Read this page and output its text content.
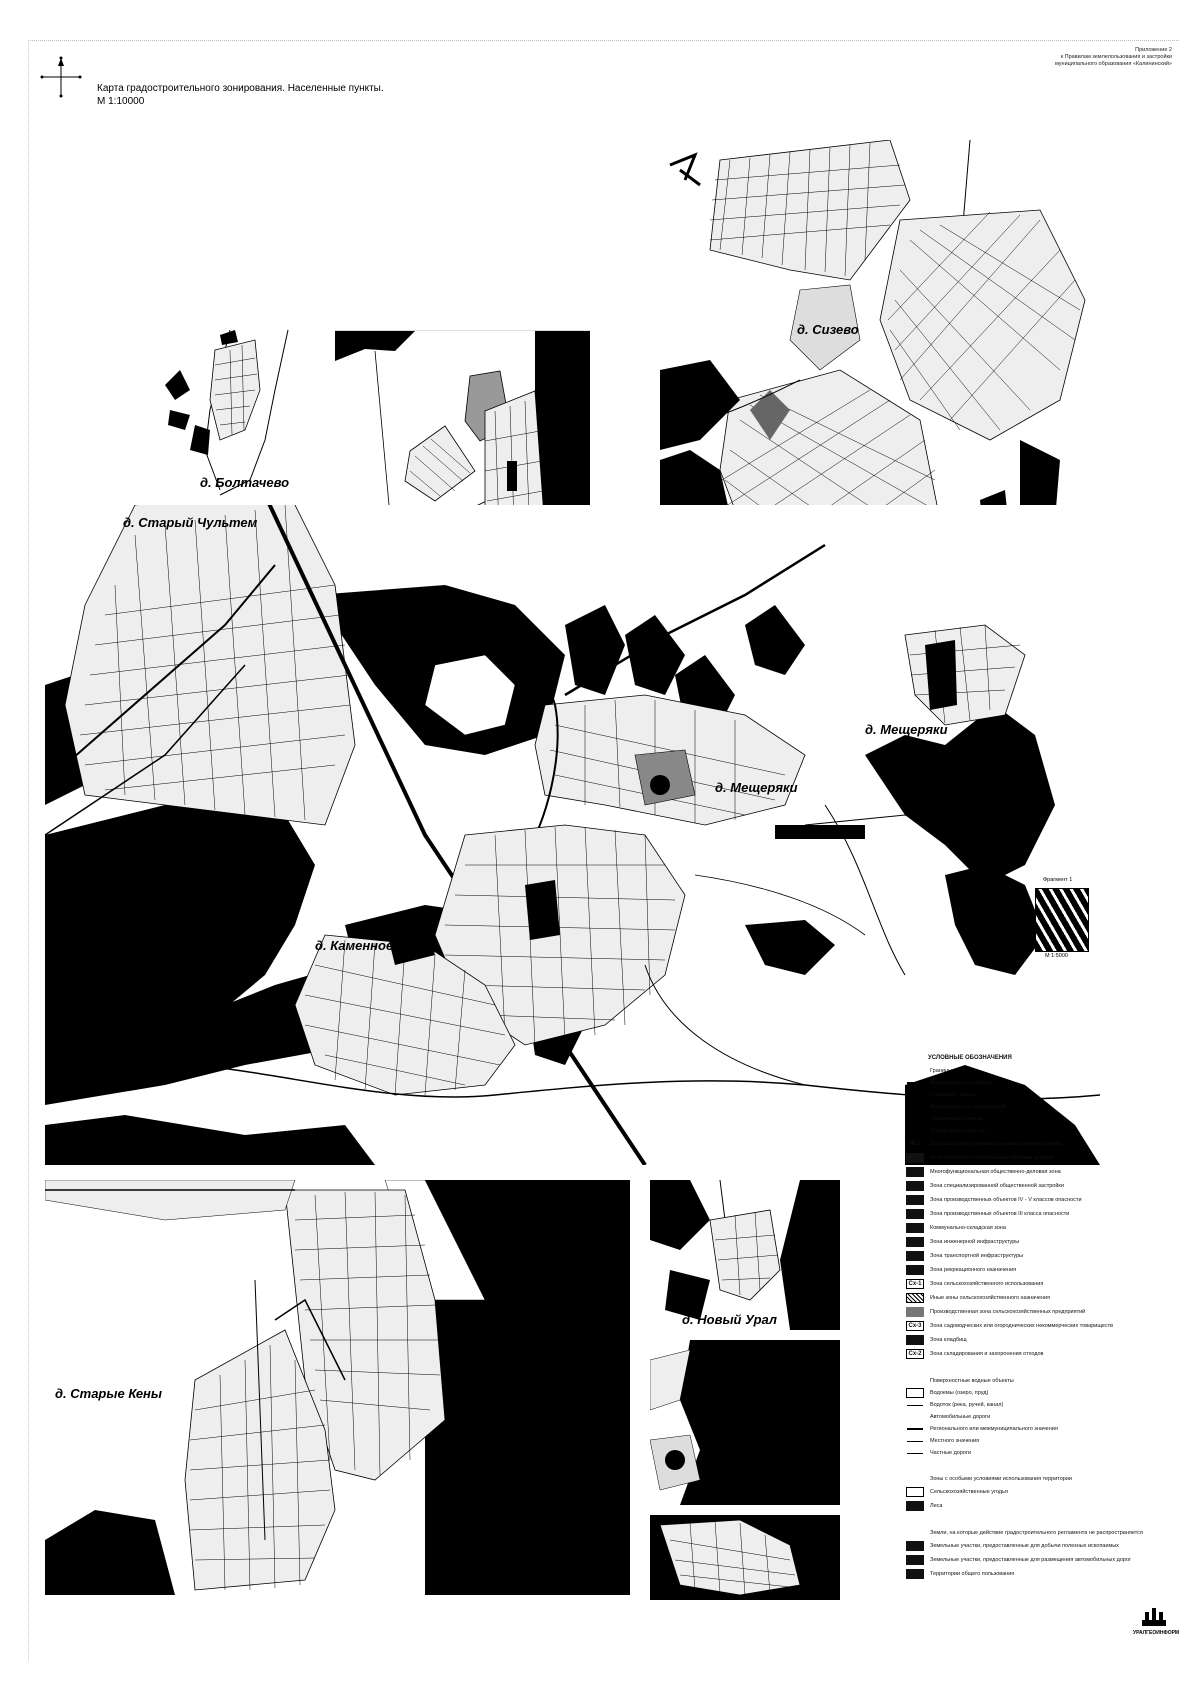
Карта градостроительного зонирования. Населенные пункты.
М 1:10000
Приложение 2
к Правилам землепользования и застройки
муниципального образования «Калининский»
д. Болтачево
д. Сизево
д. Старый Чультем
д. Мещеряки
д. Мещеряки
д. Каменное
д. Старые Кены
д. Новый Урал
Фрагмент 1
М 1:5000
УСЛОВНЫЕ ОБОЗНАЧЕНИЯ
Границы
Муниципального района
Городского округа
Муниципальных образований
Населенных пунктов
Территориальных зон
Ж-1	Зона застройки индивидуальными жилыми домами
Зона застройки малоэтажными жилыми домами
Многофункциональная общественно-деловая зона
Зона специализированной общественной застройки
Зона производственных объектов IV - V классов опасности
Зона производственных объектов III класса опасности
Коммунально-складская зона
Зона инженерной инфраструктуры
Зона транспортной инфраструктуры
Зона рекреационного назначения
Сх-1	Зона сельскохозяйственного использования
Иные зоны сельскохозяйственного назначения
Производственная зона сельскохозяйственных предприятий
Сх-3	Зона садоводческих или огороднических некоммерческих товариществ
Зона кладбищ
Сх-2	Зона складирования и захоронения отходов
Поверхностные водные объекты
Водоемы (озеро, пруд)
Водоток (река, ручей, канал)
Автомобильные дороги
Регионального или межмуниципального значения
Местного значения
Частные дороги
Зоны с особыми условиями использования территории
Сельскохозяйственные угодья
Леса
Земли, на которые действие градостроительного регламента не распространяется
Земельные участки, предоставленные для добычи полезных ископаемых
Земельные участки, предоставленные для размещения автомобильных дорог
Территории общего пользования
УРАЛГЕОИНФОРМ
